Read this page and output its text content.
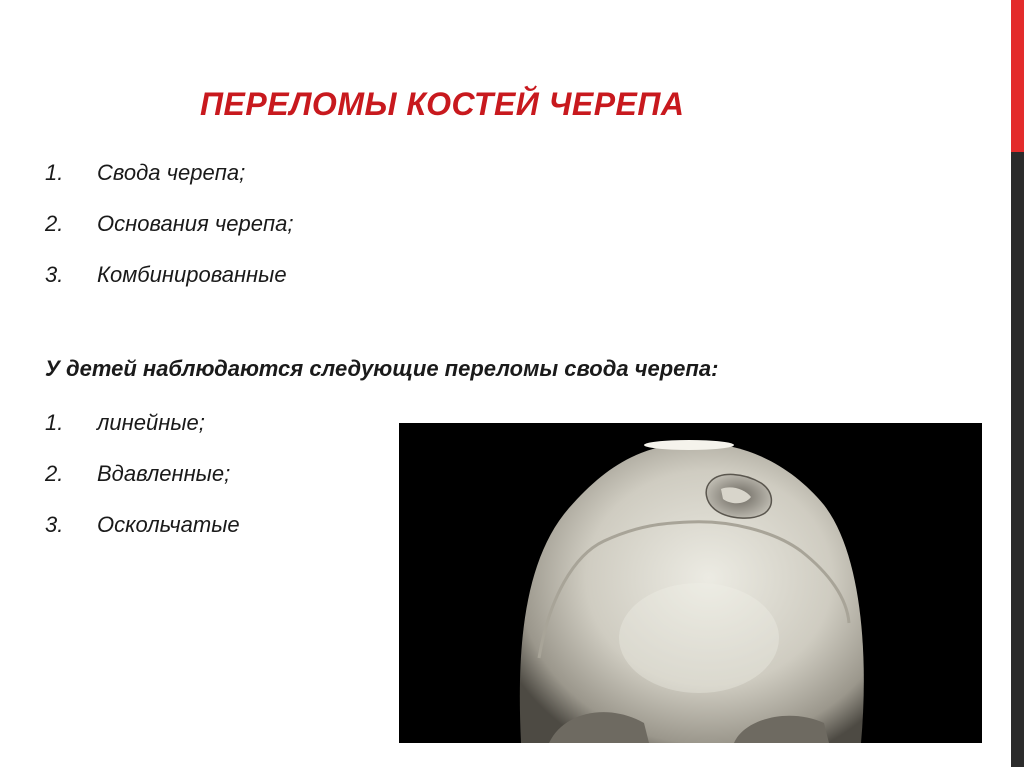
ПЕРЕЛОМЫ КОСТЕЙ ЧЕРЕПА
1.	Свода черепа;
2.	Основания черепа;
3.	Комбинированные
У детей наблюдаются следующие переломы свода черепа:
1.	линейные;
2.	Вдавленные;
3.	Оскольчатые
